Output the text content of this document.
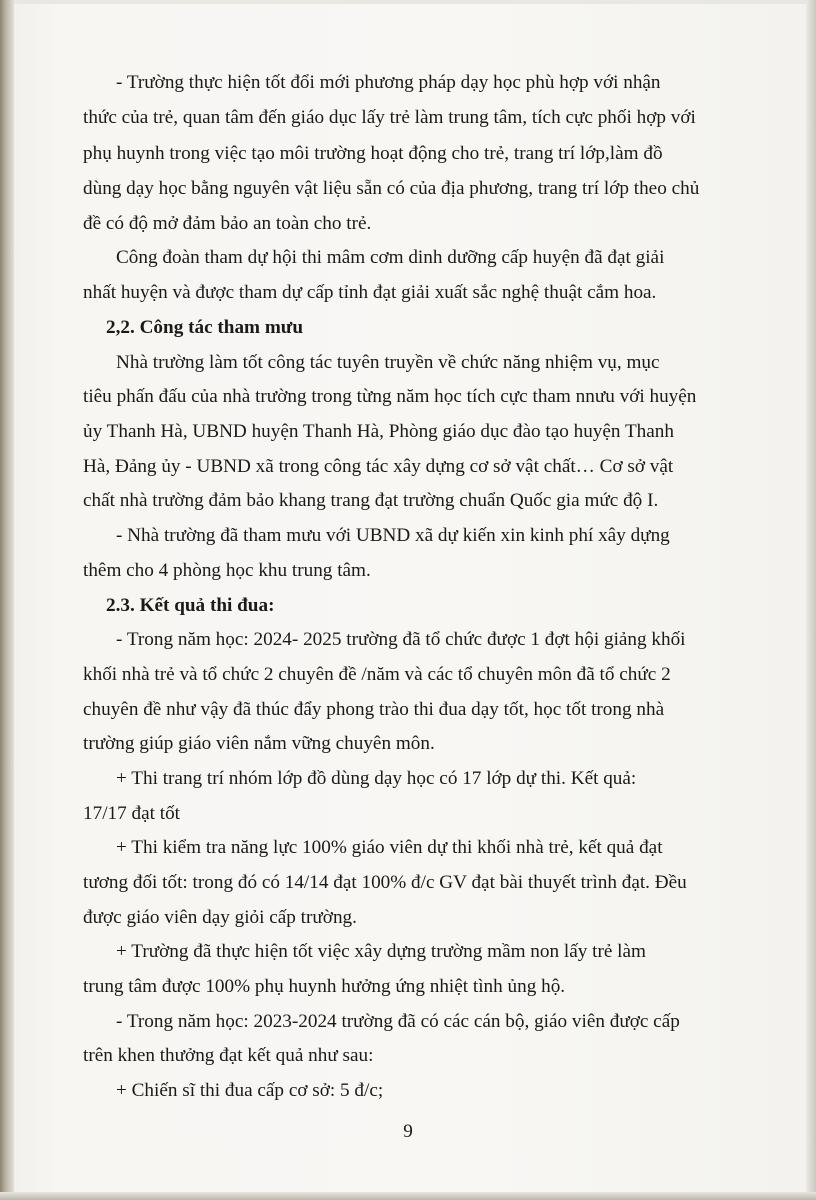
- Trường thực hiện tốt đổi mới phương pháp dạy học phù hợp với nhận
thức của trẻ, quan tâm đến giáo dục lấy trẻ làm trung tâm, tích cực phối hợp với
phụ huynh trong việc tạo môi trường hoạt động cho trẻ, trang trí lớp,làm đồ
dùng dạy học bằng nguyên vật liệu sẵn có của địa phương, trang trí lớp theo chủ
đề có độ mở đảm bảo an toàn cho trẻ.
Công đoàn tham dự hội thi mâm cơm dinh dưỡng cấp huyện đã đạt giải
nhất huyện và được tham dự cấp tỉnh đạt giải xuất sắc nghệ thuật cắm hoa.
2,2. Công tác tham mưu
Nhà trường làm tốt công tác tuyên truyền về chức năng nhiệm vụ, mục
tiêu phấn đấu của nhà trường trong từng năm học tích cực tham nnưu với huyện
ủy Thanh Hà, UBND huyện Thanh Hà, Phòng giáo dục đào tạo huyện Thanh
Hà, Đảng ủy - UBND xã trong công tác xây dựng cơ sở vật chất… Cơ sở vật
chất nhà trường đảm bảo khang trang đạt trường chuẩn Quốc gia mức độ I.
- Nhà trường đã tham mưu với UBND xã dự kiến xin kinh phí xây dựng
thêm cho 4 phòng học khu trung tâm.
2.3. Kết quả thi đua:
- Trong năm học: 2024- 2025 trường đã tổ chức được 1 đợt hội giảng khối
khối nhà trẻ và tổ chức 2 chuyên đề /năm và các tổ chuyên môn đã tổ chức 2
chuyên đề như vậy đã thúc đẩy phong trào thi đua dạy tốt, học tốt trong nhà
trường giúp giáo viên nắm vững chuyên môn.
+ Thi trang trí nhóm lớp đồ dùng dạy học có 17 lớp dự thi. Kết quả:
17/17 đạt tốt
+ Thi kiểm tra năng lực 100% giáo viên dự thi khối nhà trẻ, kết quả đạt
tương đối tốt: trong đó có 14/14 đạt 100% đ/c GV đạt bài thuyết trình đạt. Đều
được giáo viên dạy giỏi cấp trường.
+ Trường đã thực hiện tốt việc xây dựng trường mầm non lấy trẻ làm
trung tâm được 100% phụ huynh hưởng ứng nhiệt tình ủng hộ.
- Trong năm học: 2023-2024 trường đã có các cán bộ, giáo viên được cấp
trên khen thưởng đạt kết quả như sau:
+ Chiến sĩ thi đua cấp cơ sở: 5 đ/c;
9
